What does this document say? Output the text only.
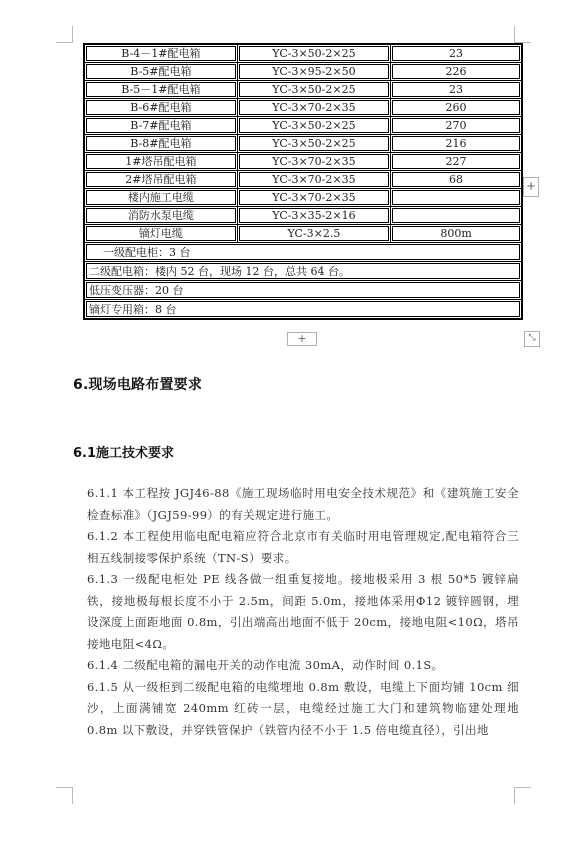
B-4－1#配电箱	YC-3×50-2×25	23
B-5#配电箱	YC-3×95-2×50	226
B-5－1#配电箱	YC-3×50-2×25	23
B-6#配电箱	YC-3×70-2×35	260
B-7#配电箱	YC-3×50-2×25	270
B-8#配电箱	YC-3×50-2×25	216
1#塔吊配电箱	YC-3×70-2×35	227
2#塔吊配电箱	YC-3×70-2×35	68
楼内施工电缆	YC-3×70-2×35	
消防水泵电缆	YC-3×35-2×16	
镝灯电缆	YC-3×2.5	800m
一级配电柜：3 台		
二级配电箱：楼内 52 台，现场 12 台，总共 64 台。		
低压变压器：20 台		
镝灯专用箱：8 台		
+
+	⤡
6.现场电路布置要求
6.1施工技术要求

6.1.1 本工程按 JGJ46-88《施工现场临时用电安全技术规范》和《建筑施工安全检查标准》（JGJ59-99）的有关规定进行施工。

6.1.2 本工程使用临电配电箱应符合北京市有关临时用电管理规定,配电箱符合三相五线制接零保护系统（TN-S）要求。

6.1.3 一级配电柜处 PE 线各做一组重复接地。接地极采用 3 根 50*5 镀锌扁铁，接地极每根长度不小于 2.5m，间距 5.0m，接地体采用Φ12 镀锌圆钢，埋设深度上面距地面 0.8m，引出端高出地面不低于 20cm，接地电阻<10Ω，塔吊接地电阻<4Ω。

6.1.4 二级配电箱的漏电开关的动作电流 30mA，动作时间 0.1S。

6.1.5 从一级柜到二级配电箱的电缆埋地 0.8m 敷设，电缆上下面均铺 10cm 细沙，上面满铺宽 240mm 红砖一层，电缆经过施工大门和建筑物临建处理地 0.8m 以下敷设，并穿铁管保护（铁管内径不小于 1.5 倍电缆直径），引出地
